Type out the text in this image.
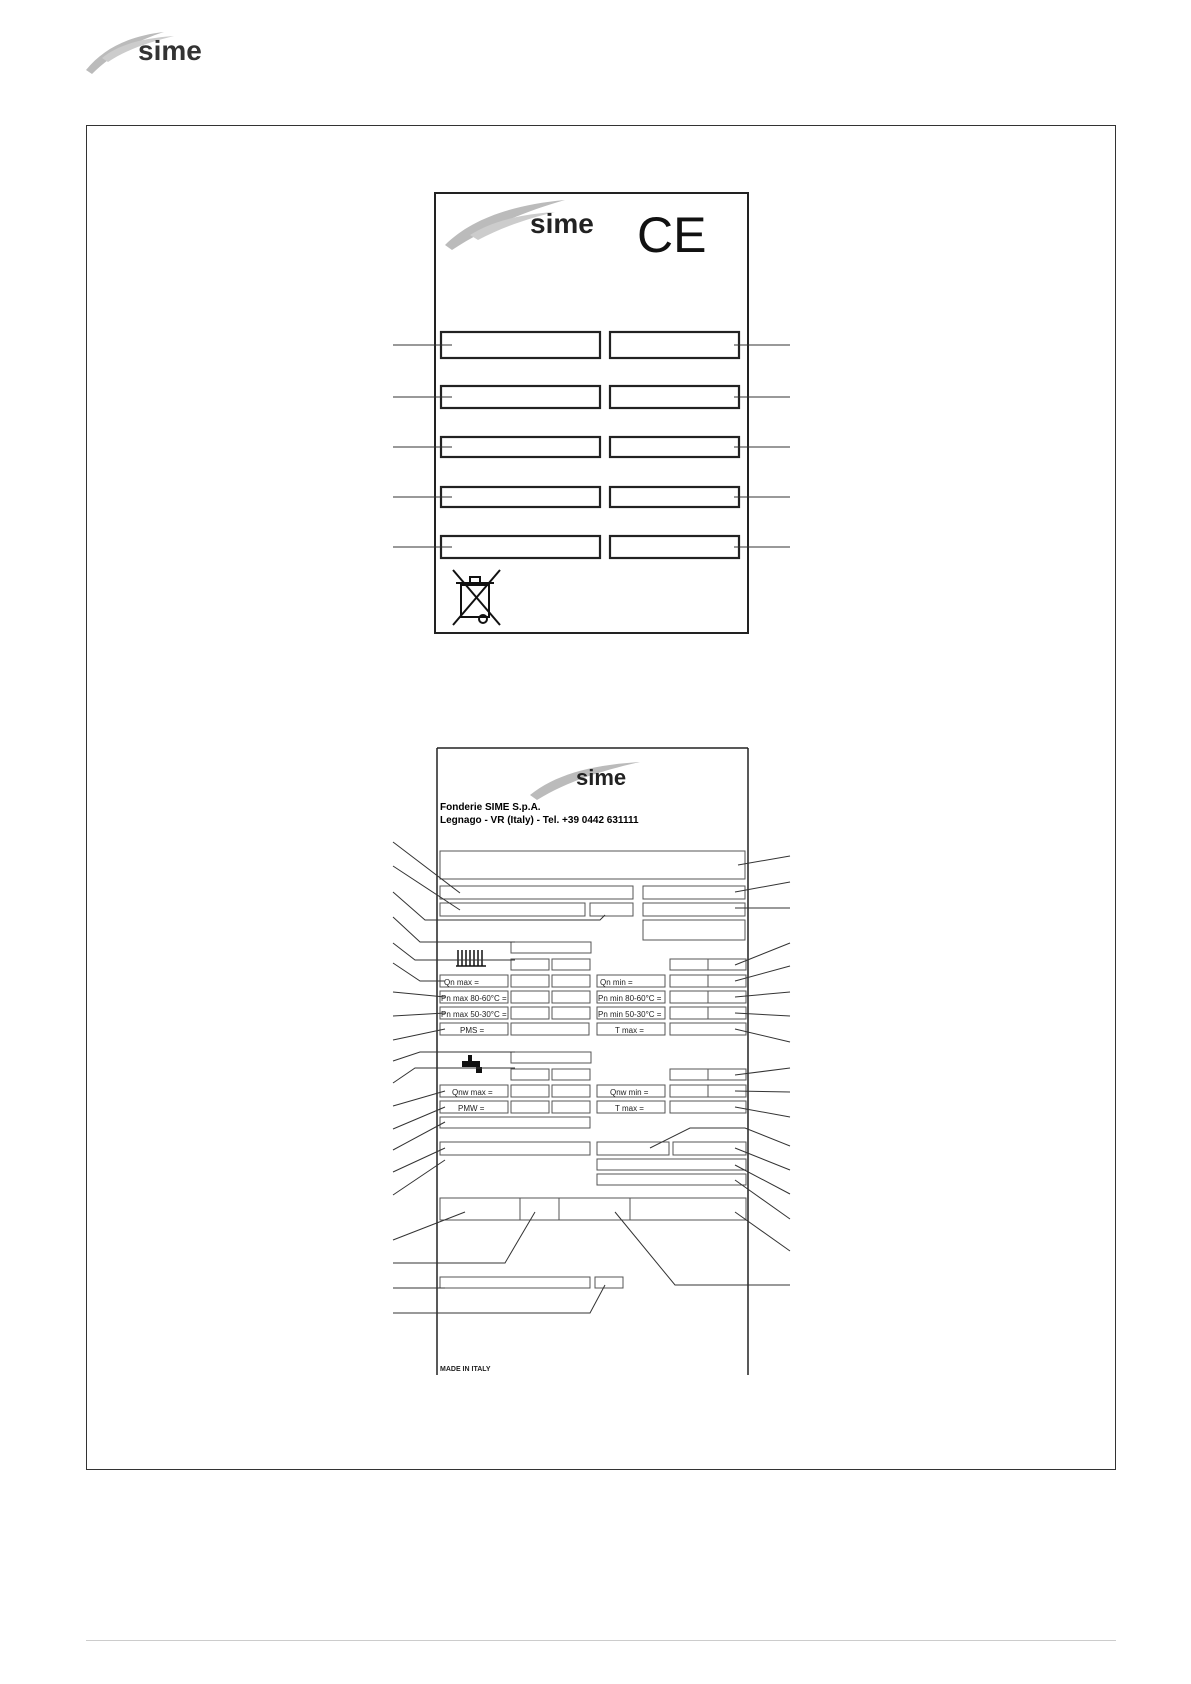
sime
sime CE
sime
Fonderie SIME S.p.A.
Legnago - VR (Italy) - Tel. +39 0442 631111
Qn max =	Qn min =
Pn max 80-60°C =	Pn min 80-60°C =
Pn max 50-30°C =	Pn min 50-30°C =
PMS =	T max =
Qnw max =	Qnw min =
PMW =	T max =
MADE IN ITALY
